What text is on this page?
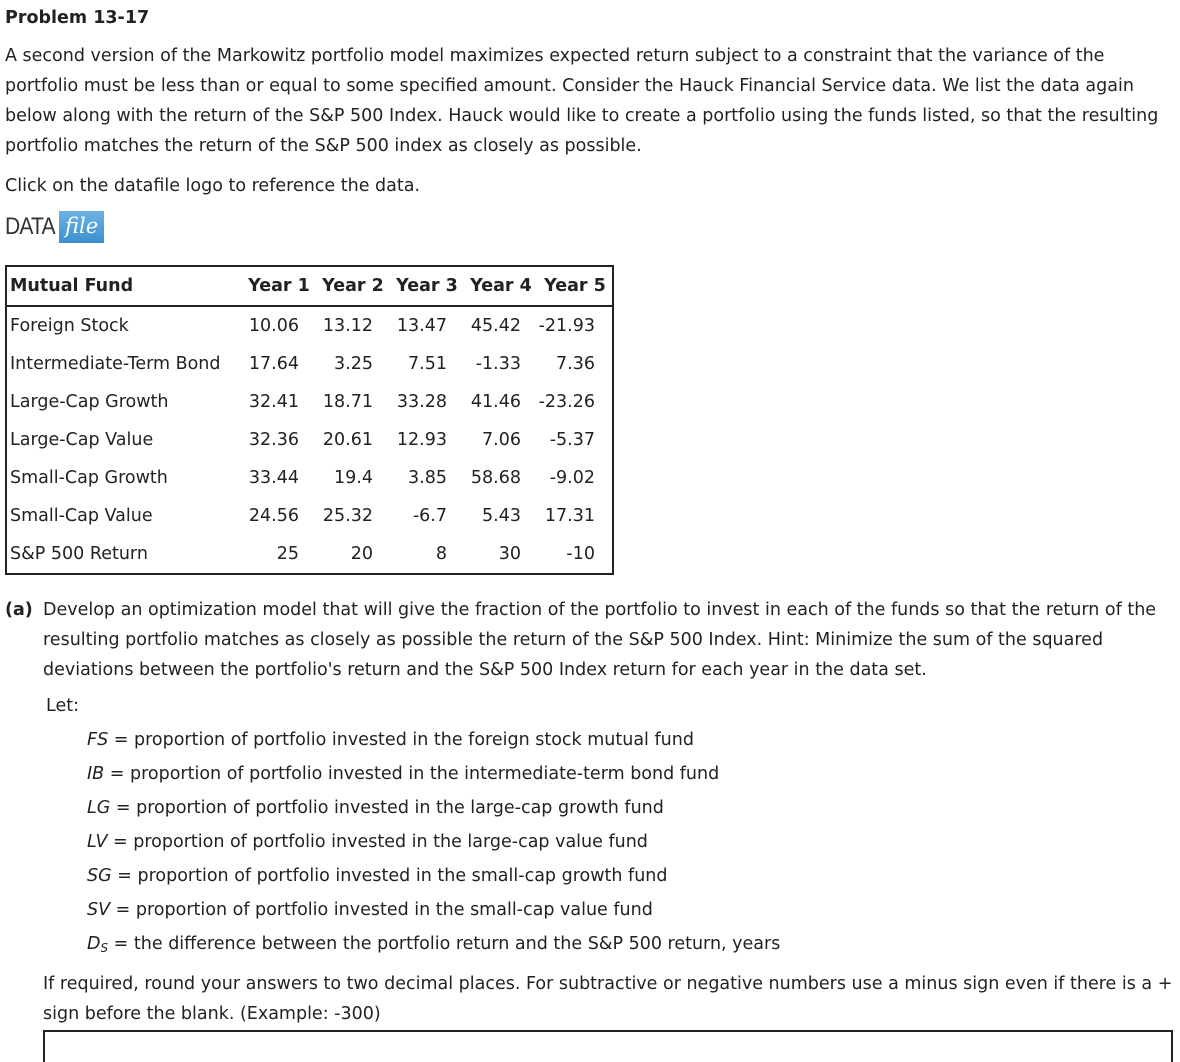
Problem 13-17
A second version of the Markowitz portfolio model maximizes expected return subject to a constraint that the variance of the portfolio must be less than or equal to some specified amount. Consider the Hauck Financial Service data. We list the data again below along with the return of the S&P 500 Index. Hauck would like to create a portfolio using the funds listed, so that the resulting portfolio matches the return of the S&P 500 index as closely as possible.
Click on the datafile logo to reference the data.
DATA file
Mutual Fund	Year 1	Year 2	Year 3	Year 4	Year 5
Foreign Stock	10.06	13.12	13.47	45.42	-21.93
Intermediate-Term Bond	17.64	3.25	7.51	-1.33	7.36
Large-Cap Growth	32.41	18.71	33.28	41.46	-23.26
Large-Cap Value	32.36	20.61	12.93	7.06	-5.37
Small-Cap Growth	33.44	19.4	3.85	58.68	-9.02
Small-Cap Value	24.56	25.32	-6.7	5.43	17.31
S&P 500 Return	25	20	8	30	-10
(a) Develop an optimization model that will give the fraction of the portfolio to invest in each of the funds so that the return of the resulting portfolio matches as closely as possible the return of the S&P 500 Index. Hint: Minimize the sum of the squared deviations between the portfolio's return and the S&P 500 Index return for each year in the data set.
Let:
FS = proportion of portfolio invested in the foreign stock mutual fund
IB = proportion of portfolio invested in the intermediate-term bond fund
LG = proportion of portfolio invested in the large-cap growth fund
LV = proportion of portfolio invested in the large-cap value fund
SG = proportion of portfolio invested in the small-cap growth fund
SV = proportion of portfolio invested in the small-cap value fund
$D_S$ = the difference between the portfolio return and the S&P 500 return, years
If required, round your answers to two decimal places. For subtractive or negative numbers use a minus sign even if there is a + sign before the blank. (Example: -300)
